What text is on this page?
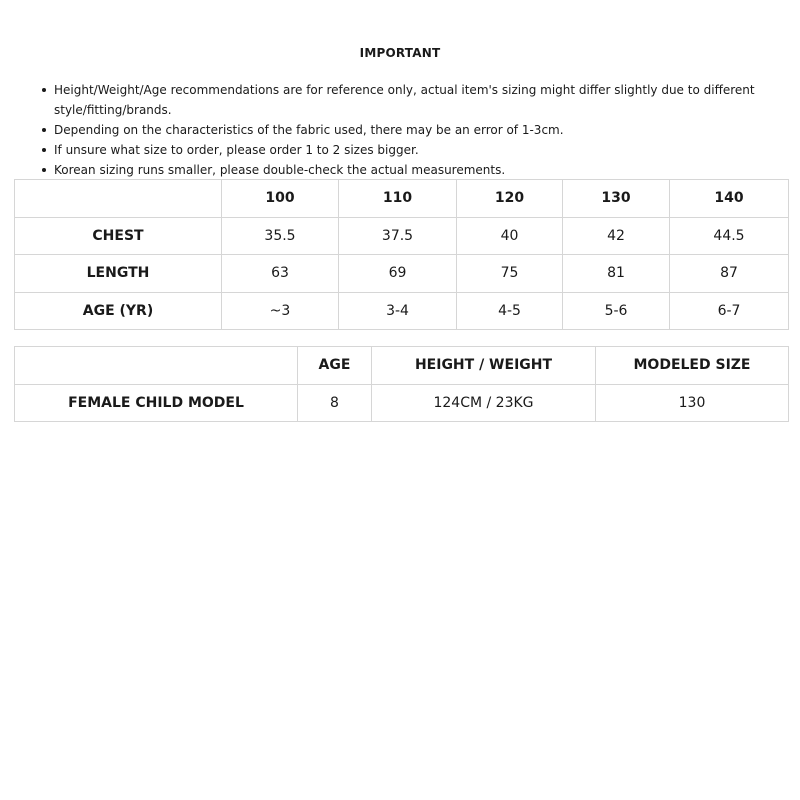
IMPORTANT
Height/Weight/Age recommendations are for reference only, actual item's sizing might differ slightly due to different style/fitting/brands.
Depending on the characteristics of the fabric used, there may be an error of 1-3cm.
If unsure what size to order, please order 1 to 2 sizes bigger.
Korean sizing runs smaller, please double-check the actual measurements.
	100	110	120	130	140
CHEST	35.5	37.5	40	42	44.5
LENGTH	63	69	75	81	87
AGE (YR)	~3	3-4	4-5	5-6	6-7
	AGE	HEIGHT / WEIGHT	MODELED SIZE
FEMALE CHILD MODEL	8	124CM / 23KG	130
